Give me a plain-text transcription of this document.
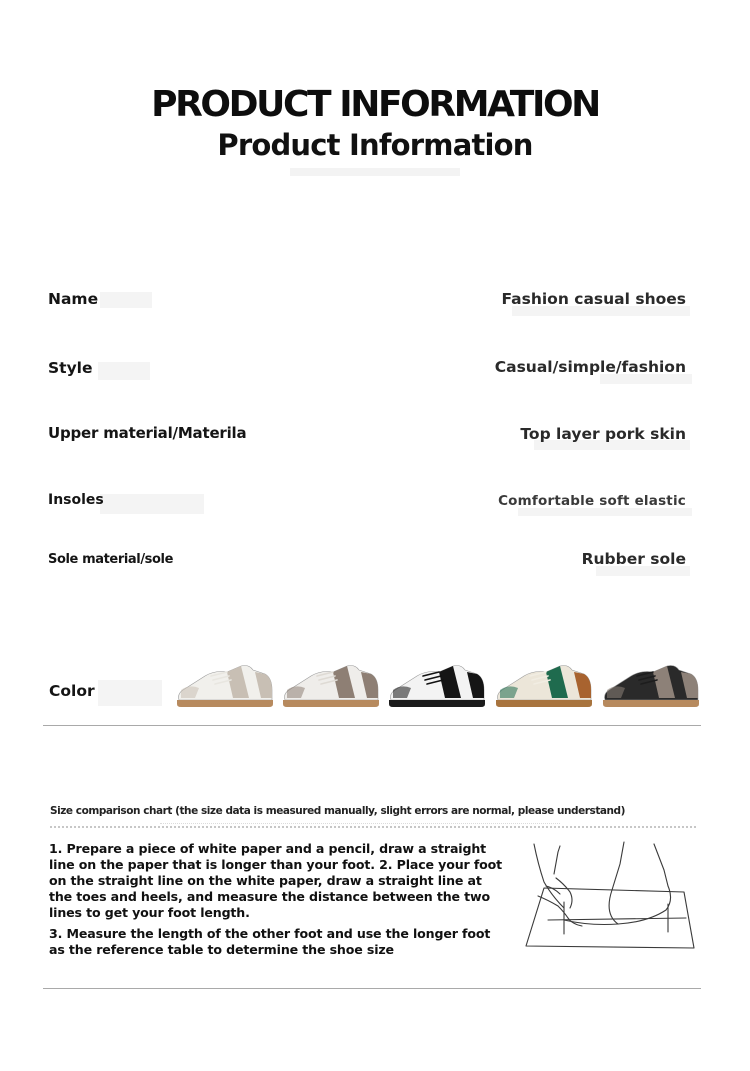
PRODUCT INFORMATION
Product Information
Name	Fashion casual shoes
Style	Casual/simple/fashion
Upper material/Materila	Top layer pork skin
Insoles	Comfortable soft elastic
Sole material/sole	Rubber sole
Color
Size comparison chart (the size data is measured manually, slight errors are normal, please understand)
1. Prepare a piece of white paper and a pencil, draw a straight line on the paper that is longer than your foot. 2. Place your foot on the straight line on the white paper, draw a straight line at the toes and heels, and measure the distance between the two lines to get your foot length.
3. Measure the length of the other foot and use the longer foot as the reference table to determine the shoe size
